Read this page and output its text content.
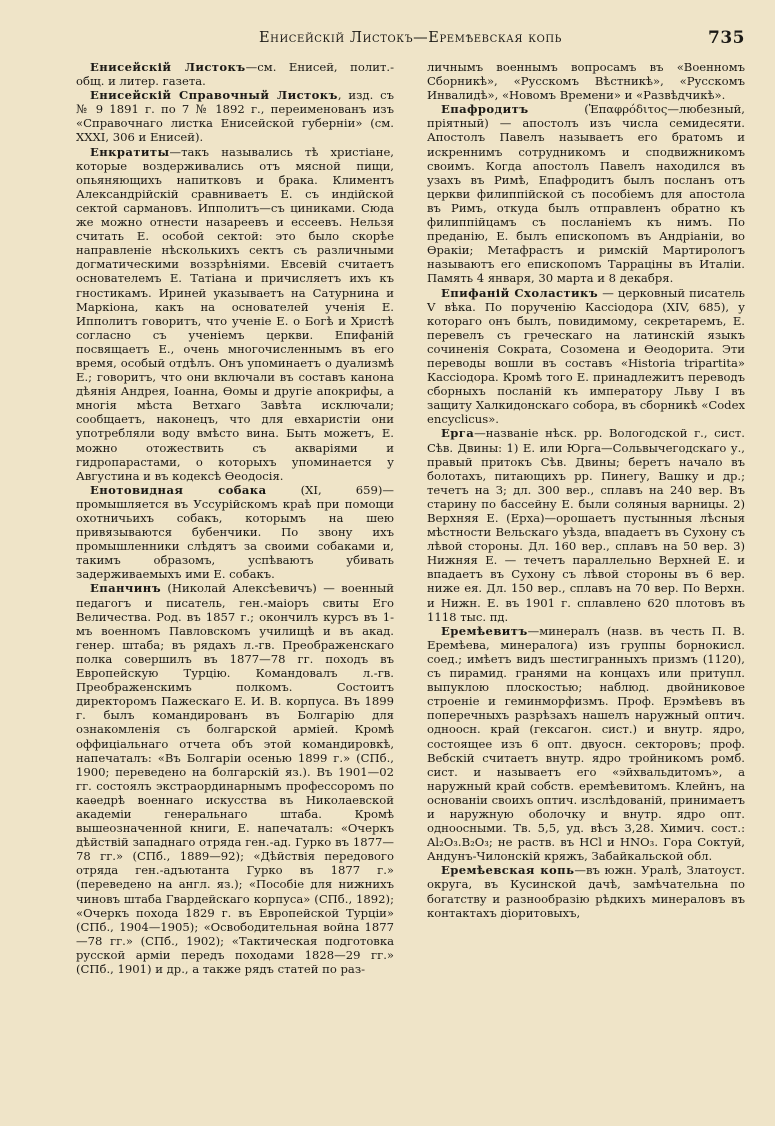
Енисейскій Листокъ—Еремѣевская копь	735

Енисейскій Листокъ—см. Енисей, полит.-общ. и литер. газета.

Енисейскій Справочный Листокъ, изд. съ № 9 1891 г. по 7 № 1892 г., переименованъ изъ «Справочнаго листка Енисейской губерніи» (см. XXXI, 306 и Енисей).

Енкратиты—такъ назывались тѣ христіане, которые воздерживались отъ мясной пищи, опьяняющихъ напитковъ и брака. Климентъ Александрійскій сравниваетъ Е. съ индійской сектой сармановъ. Ипполитъ—съ циниками. Сюда же можно отнести назареевъ и ессеевъ. Нельзя считать Е. особой сектой: это было скорѣе направленіе нѣсколькихъ сектъ съ различными догматическими воззрѣніями. Евсевій считаетъ основателемъ Е. Татіана и причисляетъ ихъ къ гностикамъ. Ириней указываетъ на Сатурнина и Маркіона, какъ на основателей ученія Е. Ипполитъ говоритъ, что ученіе Е. о Богѣ и Христѣ согласно съ ученіемъ церкви. Епифаній посвящаетъ Е., очень многочисленнымъ въ его время, особый отдѣлъ. Онъ упоминаетъ о дуализмѣ Е.; говоритъ, что они включали въ составъ канона дѣянія Андрея, Іоанна, Ѳомы и другіе апокрифы, а многія мѣста Ветхаго Завѣта исключали; сообщаетъ, наконецъ, что для евхаристіи они употребляли воду вмѣсто вина. Быть можетъ, Е. можно отожествить съ акваріями и гидропарастами, о которыхъ упоминается у Августина и въ кодексѣ Ѳеодосія.

Енотовидная собака (XI, 659)—промышляется въ Уссурійскомъ краѣ при помощи охотничьихъ собакъ, которымъ на шею привязываются бубенчики. По звону ихъ промышленники слѣдятъ за своими собаками и, такимъ образомъ, успѣваютъ убивать задерживаемыхъ ими Е. собакъ.

Епанчинъ (Николай Алексѣевичъ) — военный педагогъ и писатель, ген.-маіоръ свиты Его Величества. Род. въ 1857 г.; окончилъ курсъ въ 1-мъ военномъ Павловскомъ училищѣ и въ акад. генер. штаба; въ рядахъ л.-гв. Преображенскаго полка совершилъ въ 1877—78 гг. походъ въ Европейскую Турцію. Командовалъ л.-гв. Преображенскимъ полкомъ. Состоитъ директоромъ Пажескаго Е. И. В. корпуса. Въ 1899 г. былъ командированъ въ Болгарію для ознакомленія съ болгарской арміей. Кромѣ оффиціальнаго отчета объ этой командировкѣ, напечаталъ: «Въ Болгаріи осенью 1899 г.» (СПб., 1900; переведено на болгарскій яз.). Въ 1901—02 гг. состоялъ экстраординарнымъ профессоромъ по каѳедрѣ военнаго искусства въ Николаевской академіи генеральнаго штаба. Кромѣ вышеозначенной книги, Е. напечаталъ: «Очеркъ дѣйствій западнаго отряда ген.-ад. Гурко въ 1877—78 гг.» (СПб., 1889—92); «Дѣйствія передового отряда ген.-адъютанта Гурко въ 1877 г.» (переведено на англ. яз.); «Пособіе для нижнихъ чиновъ штаба Гвардейскаго корпуса» (СПб., 1892); «Очеркъ похода 1829 г. въ Европейской Турціи» (СПб., 1904—1905); «Освободительная война 1877—78 гг.» (СПб., 1902); «Тактическая подготовка русской арміи передъ походами 1828—29 гг.» (СПб., 1901) и др., а также рядъ статей по раз-

личнымъ военнымъ вопросамъ въ «Военномъ Сборникѣ», «Русскомъ Вѣстникѣ», «Русскомъ Инвалидѣ», «Новомъ Времени» и «Развѣдчикѣ».

Епафродитъ (Ἐπαφρόδιτος—любезный, пріятный) — апостолъ изъ числа семидесяти. Апостолъ Павелъ называетъ его братомъ и искреннимъ сотрудникомъ и сподвижникомъ своимъ. Когда апостолъ Павелъ находился въ узахъ въ Римѣ, Епафродитъ былъ посланъ отъ церкви филиппійской съ пособіемъ для апостола въ Римъ, откуда былъ отправленъ обратно къ филиппійцамъ съ посланіемъ къ нимъ. По преданію, Е. былъ епископомъ въ Андріаніи, во Ѳракіи; Метафрастъ и римскій Мартирологъ называютъ его епископомъ Тарраціны въ Италіи. Память 4 января, 30 марта и 8 декабря.

Епифаній Схоластикъ — церковный писатель V вѣка. По порученію Кассіодора (XIV, 685), у котораго онъ былъ, повидимому, секретаремъ, Е. перевелъ съ греческаго на латинскій языкъ сочиненія Сократа, Созомена и Ѳеодорита. Эти переводы вошли въ составъ «Historia tripartita» Кассіодора. Кромѣ того Е. принадлежитъ переводъ сборныхъ посланій къ императору Льву I въ защиту Халкидонскаго собора, въ сборникѣ «Codex encyclicus».

Ерга—названіе нѣск. рр. Вологодской г., сист. Сѣв. Двины: 1) Е. или Юрга—Сольвычегодскаго у., правый притокъ Сѣв. Двины; беретъ начало въ болотахъ, питающихъ рр. Пинегу, Вашку и др.; течетъ на З; дл. 300 вер., сплавъ на 240 вер. Въ старину по бассейну Е. были соляныя варницы. 2) Верхняя Е. (Ерха)—орошаетъ пустынныя лѣсныя мѣстности Вельскаго уѣзда, впадаетъ въ Сухону съ лѣвой стороны. Дл. 160 вер., сплавъ на 50 вер. 3) Нижняя Е. — течетъ параллельно Верхней Е. и впадаетъ въ Сухону съ лѣвой стороны въ 6 вер. ниже ея. Дл. 150 вер., сплавъ на 70 вер. По Верхн. и Нижн. Е. въ 1901 г. сплавлено 620 плотовъ въ 1118 тыс. пд.

Еремѣевитъ—минералъ (назв. въ честь П. В. Еремѣева, минералога) изъ группы борнокисл. соед.; имѣетъ видъ шестигранныхъ призмъ (1120), съ пирамид. гранями на концахъ или притупл. выпуклою плоскостью; наблюд. двойниковое строеніе и геминморфизмъ. Проф. Ерэмѣевъ въ поперечныхъ разрѣзахъ нашелъ наружный оптич. одноосн. край (гексагон. сист.) и внутр. ядро, состоящее изъ 6 опт. двуосн. секторовъ; проф. Вебскій считаетъ внутр. ядро тройникомъ ромб. сист. и называетъ его «эйхвальдитомъ», а наружный край собств. еремѣевитомъ. Клейнъ, на основаніи своихъ оптич. изслѣдованій, принимаетъ и наружную оболочку и внутр. ядро опт. одноосными. Тв. 5,5, уд. вѣсъ 3,28. Химич. сост.: Al₂O₃.B₂O₃; не раств. въ HCl и HNO₃. Гора Соктуй, Андунъ-Чилонскій кряжъ, Забайкальской обл.

Еремѣевская копь—въ южн. Уралѣ, Златоуст. округа, въ Кусинской дачѣ, замѣчательна по богатству и разнообразію рѣдкихъ минераловъ въ контактахъ діоритовыхъ,
